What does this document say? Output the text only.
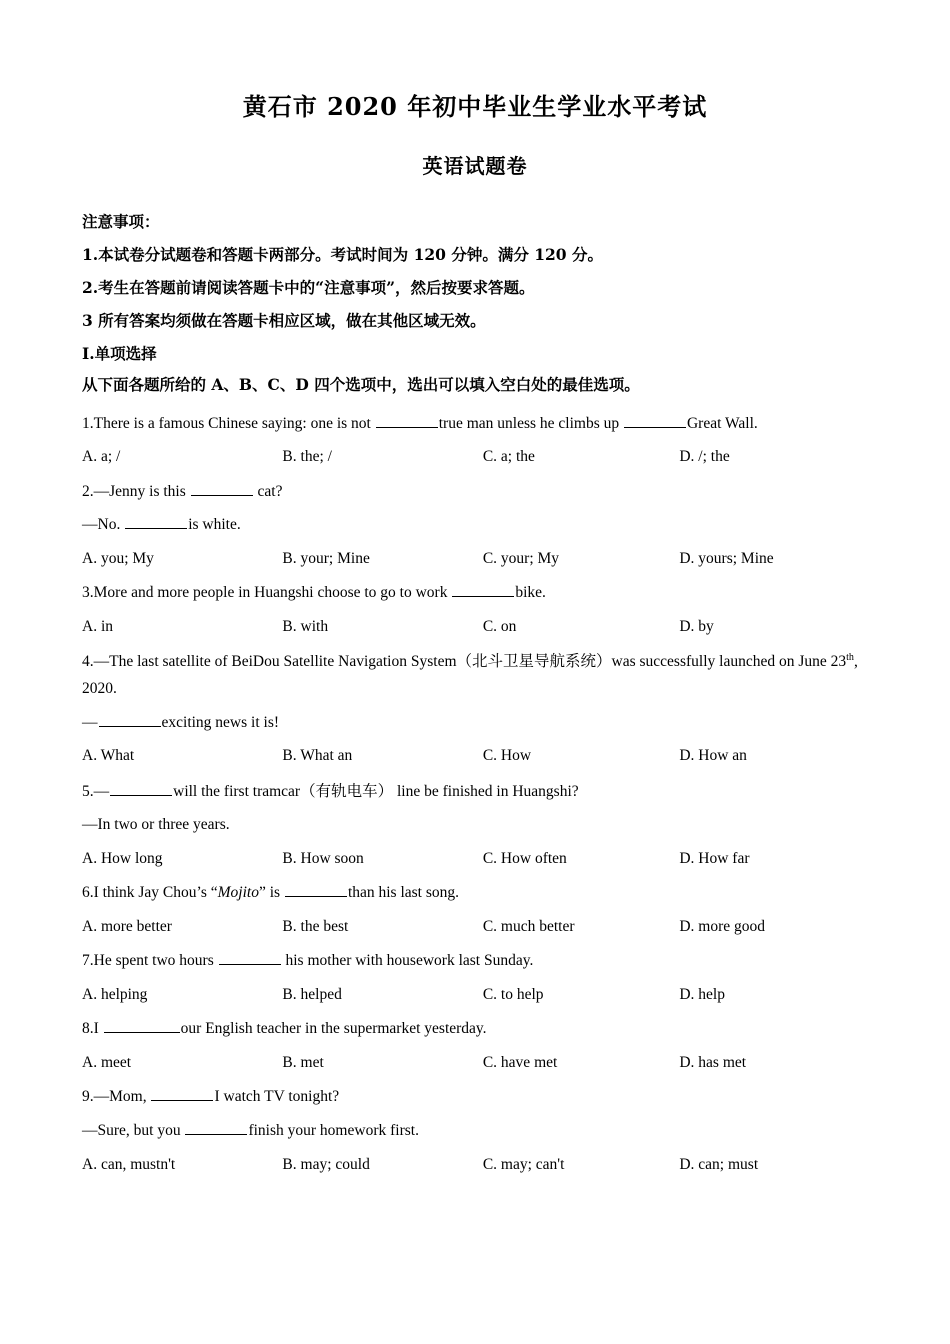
黄石市 2020 年初中毕业生学业水平考试
英语试题卷

注意事项：

1.本试卷分试题卷和答题卡两部分。考试时间为 120 分钟。满分 120 分。

2.考生在答题前请阅读答题卡中的“注意事项”，然后按要求答题。

3 所有答案均须做在答题卡相应区域，做在其他区域无效。

I.单项选择

从下面各题所给的 A、B、C、D 四个选项中，选出可以填入空白处的最佳选项。

1.There is a famous Chinese saying: one is not	true man unless he climbs up	Great Wall.

A. a; /	B. the; /	C. a; the	D. /; the

2.—Jenny is this	cat?

—No.	is white.

A. you; My	B. your; Mine	C. your; My	D. yours; Mine

3.More and more people in Huangshi choose to go to work	bike.

A. in	B. with	C. on	D. by

4.—The last satellite of BeiDou Satellite Navigation System（北斗卫星导航系统）was successfully launched on June 23th, 2020.

—	exciting news it is!

A. What	B. What an	C. How	D. How an

5.—	will the first tramcar（有轨电车） line be finished in Huangshi?

—In two or three years.

A. How long	B. How soon	C. How often	D. How far

6.I think Jay Chou’s “Mojito” is	than his last song.

A. more better	B. the best	C. much better	D. more good

7.He spent two hours	his mother with housework last Sunday.

A. helping	B. helped	C. to help	D. help

8.I	our English teacher in the supermarket yesterday.

A. meet	B. met	C. have met	D. has met

9.—Mom,	I watch TV tonight?

—Sure, but you	finish your homework first.

A. can, mustn't	B. may; could	C. may; can't	D. can; must
